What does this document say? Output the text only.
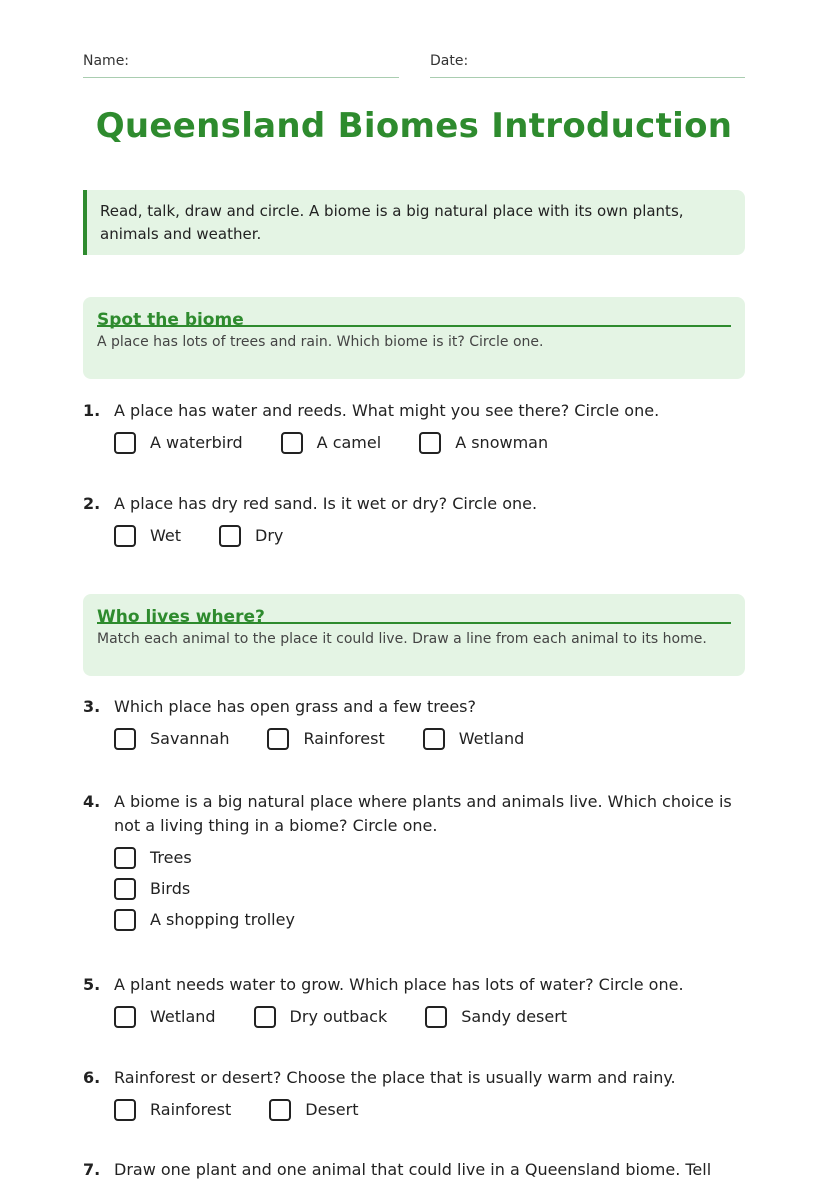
Name:	Date:
Queensland Biomes Introduction
Read, talk, draw and circle. A biome is a big natural place with its own plants, animals and weather.
Spot the biome
A place has lots of trees and rain. Which biome is it? Circle one.
1. A place has water and reeds. What might you see there? Circle one.
A waterbird	A camel	A snowman
2. A place has dry red sand. Is it wet or dry? Circle one.
Wet	Dry
Who lives where?
Match each animal to the place it could live. Draw a line from each animal to its home.
3. Which place has open grass and a few trees?
Savannah	Rainforest	Wetland
4. A biome is a big natural place where plants and animals live. Which choice is not a living thing in a biome? Circle one.
Trees
Birds
A shopping trolley
5. A plant needs water to grow. Which place has lots of water? Circle one.
Wetland	Dry outback	Sandy desert
6. Rainforest or desert? Choose the place that is usually warm and rainy.
Rainforest	Desert
7. Draw one plant and one animal that could live in a Queensland biome. Tell
